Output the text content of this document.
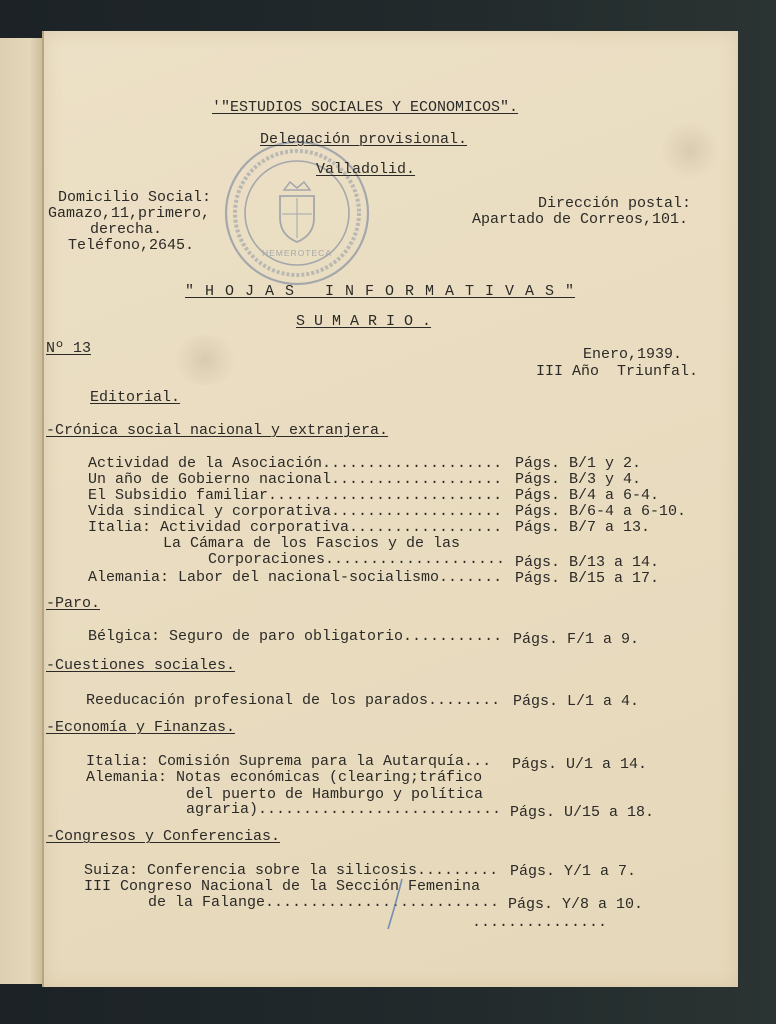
HEMEROTECA
'"ESTUDIOS SOCIALES Y ECONOMICOS".
Delegación provisional.
Valladolid.
Domicilio Social:
Gamazo,11,primero,
derecha.
Teléfono,2645.
Dirección postal:
Apartado de Correos,101.
" H O J A S   I N F O R M A T I V A S "
S U M A R I O .
Nº 13	Enero,1939.
III Año  Triunfal.
Editorial.
-Crónica social nacional y extranjera.
Actividad de la Asociación.................... Págs. B/1 y 2.
Un año de Gobierno nacional................... Págs. B/3 y 4.
El Subsidio familiar.......................... Págs. B/4 a 6-4.
Vida sindical y corporativa................... Págs. B/6-4 a 6-10.
Italia: Actividad corporativa................. Págs. B/7 a 13.
La Cámara de los Fascios y de las
Corporaciones.................... Págs. B/13 a 14.
Alemania: Labor del nacional-socialismo....... Págs. B/15 a 17.
-Paro.
Bélgica: Seguro de paro obligatorio........... Págs. F/1 a 9.
-Cuestiones sociales.
Reeducación profesional de los parados........ Págs. L/1 a 4.
-Economía y Finanzas.
Italia: Comisión Suprema para la Autarquía...	Págs. U/1 a 14.
Alemania: Notas económicas (clearing;tráfico
del puerto de Hamburgo y política
agraria)........................... Págs. U/15 a 18.
-Congresos y Conferencias.
Suiza: Conferencia sobre la silicosis......... Págs. Y/1 a 7.
III Congreso Nacional de la Sección Femenina
de la Falange.......................... Págs. Y/8 a 10.
...............
